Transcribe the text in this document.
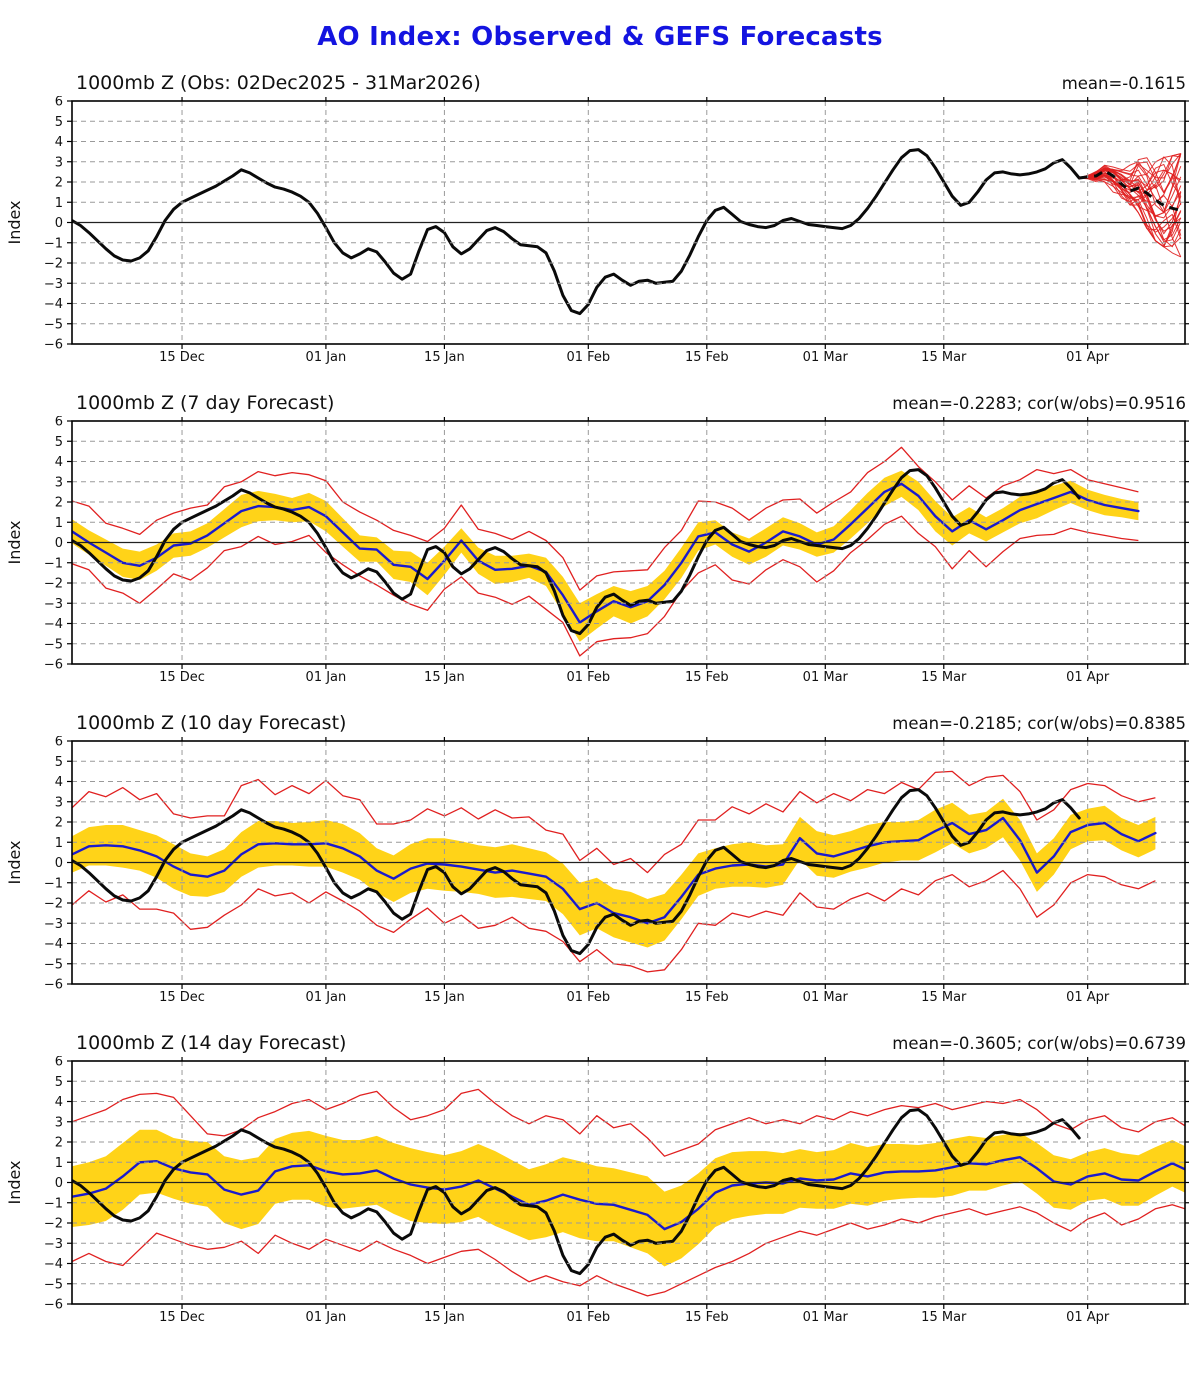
AO Index: Observed & GEFS Forecasts
1000mb Z (Obs: 02Dec2025 - 31Mar2026)	mean=-0.1615
15 Dec	01 Jan	15 Jan	01 Feb	15 Feb	01 Mar	15 Mar	01 Apr
−6
−5
−4
−3
−2
−1
0
1
2
3
4
5
6
Index
1000mb Z (7 day Forecast)	mean=-0.2283; cor(w/obs)=0.9516
15 Dec	01 Jan	15 Jan	01 Feb	15 Feb	01 Mar	15 Mar	01 Apr
−6
−5
−4
−3
−2
−1
0
1
2
3
4
5
6
Index
1000mb Z (10 day Forecast)	mean=-0.2185; cor(w/obs)=0.8385
15 Dec	01 Jan	15 Jan	01 Feb	15 Feb	01 Mar	15 Mar	01 Apr
−6
−5
−4
−3
−2
−1
0
1
2
3
4
5
6
Index
1000mb Z (14 day Forecast)	mean=-0.3605; cor(w/obs)=0.6739
15 Dec	01 Jan	15 Jan	01 Feb	15 Feb	01 Mar	15 Mar	01 Apr
−6
−5
−4
−3
−2
−1
0
1
2
3
4
5
6
Index
